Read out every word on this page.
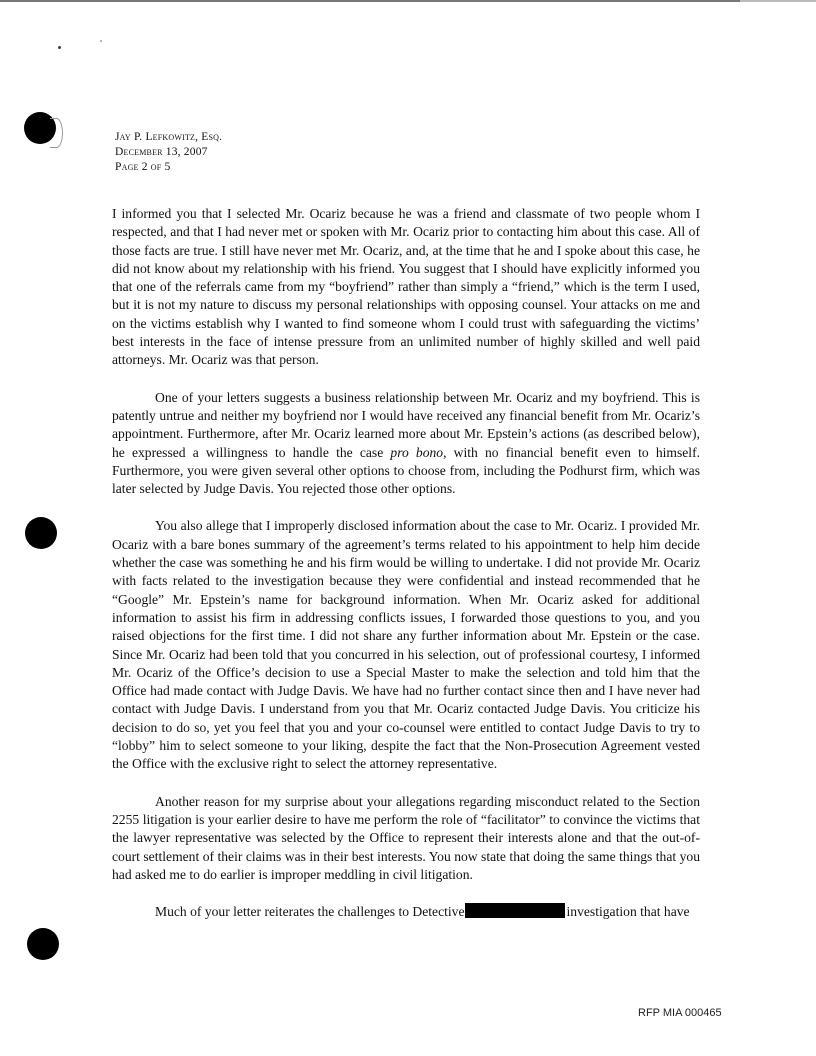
Jay P. Lefkowitz, Esq.
December 13, 2007
Page 2 of 5

I informed you that I selected Mr. Ocariz because he was a friend and classmate of two people whom I respected, and that I had never met or spoken with Mr. Ocariz prior to contacting him about this case. All of those facts are true. I still have never met Mr. Ocariz, and, at the time that he and I spoke about this case, he did not know about my relationship with his friend. You suggest that I should have explicitly informed you that one of the referrals came from my “boyfriend” rather than simply a “friend,” which is the term I used, but it is not my nature to discuss my personal relationships with opposing counsel. Your attacks on me and on the victims establish why I wanted to find someone whom I could trust with safeguarding the victims’ best interests in the face of intense pressure from an unlimited number of highly skilled and well paid attorneys. Mr. Ocariz was that person.

One of your letters suggests a business relationship between Mr. Ocariz and my boyfriend. This is patently untrue and neither my boyfriend nor I would have received any financial benefit from Mr. Ocariz’s appointment. Furthermore, after Mr. Ocariz learned more about Mr. Epstein’s actions (as described below), he expressed a willingness to handle the case pro bono, with no financial benefit even to himself. Furthermore, you were given several other options to choose from, including the Podhurst firm, which was later selected by Judge Davis. You rejected those other options.

You also allege that I improperly disclosed information about the case to Mr. Ocariz. I provided Mr. Ocariz with a bare bones summary of the agreement’s terms related to his appointment to help him decide whether the case was something he and his firm would be willing to undertake. I did not provide Mr. Ocariz with facts related to the investigation because they were confidential and instead recommended that he “Google” Mr. Epstein’s name for background information. When Mr. Ocariz asked for additional information to assist his firm in addressing conflicts issues, I forwarded those questions to you, and you raised objections for the first time. I did not share any further information about Mr. Epstein or the case. Since Mr. Ocariz had been told that you concurred in his selection, out of professional courtesy, I informed Mr. Ocariz of the Office’s decision to use a Special Master to make the selection and told him that the Office had made contact with Judge Davis. We have had no further contact since then and I have never had contact with Judge Davis. I understand from you that Mr. Ocariz contacted Judge Davis. You criticize his decision to do so, yet you feel that you and your co-counsel were entitled to contact Judge Davis to try to “lobby” him to select someone to your liking, despite the fact that the Non-Prosecution Agreement vested the Office with the exclusive right to select the attorney representative.

Another reason for my surprise about your allegations regarding misconduct related to the Section 2255 litigation is your earlier desire to have me perform the role of “facilitator” to convince the victims that the lawyer representative was selected by the Office to represent their interests alone and that the out-of-court settlement of their claims was in their best interests. You now state that doing the same things that you had asked me to do earlier is improper meddling in civil litigation.

Much of your letter reiterates the challenges to Detective	investigation that have

RFP MIA 000465
